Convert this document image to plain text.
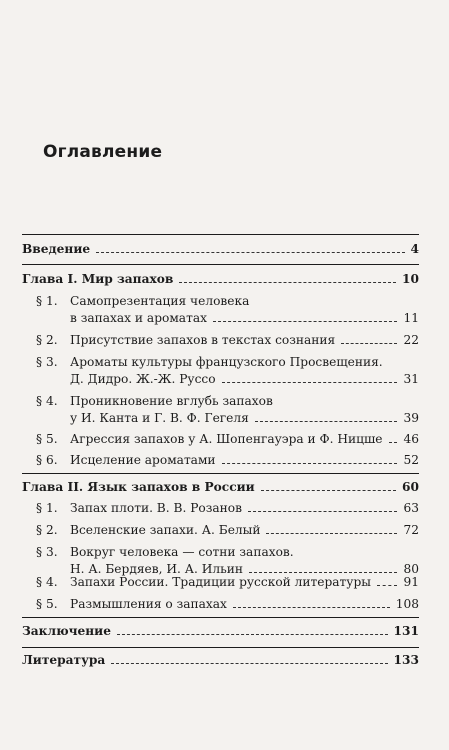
Оглавление
Введение	4
Глава I. Мир запахов	10
§ 1.	Самопрезентация человека
в запахах и ароматах	11
§ 2.	Присутствие запахов в текстах сознания	22
§ 3.	Ароматы культуры французского Просвещения.
Д. Дидро. Ж.-Ж. Руссо	31
§ 4.	Проникновение вглубь запахов
у И. Канта и Г. В. Ф. Гегеля	39
§ 5.	Агрессия запахов у А. Шопенгауэра и Ф. Ницше 46
§ 6.	Исцеление ароматами	52
Глава II. Язык запахов в России	60
§ 1.	Запах плоти. В. В. Розанов	63
§ 2.	Вселенские запахи. А. Белый	72
§ 3.	Вокруг человека — сотни запахов.
Н. А. Бердяев, И. А. Ильин	80
§ 4.	Запахи России. Традиции русской литературы	91
§ 5.	Размышления о запахах	108
Заключение	131
Литература	133
